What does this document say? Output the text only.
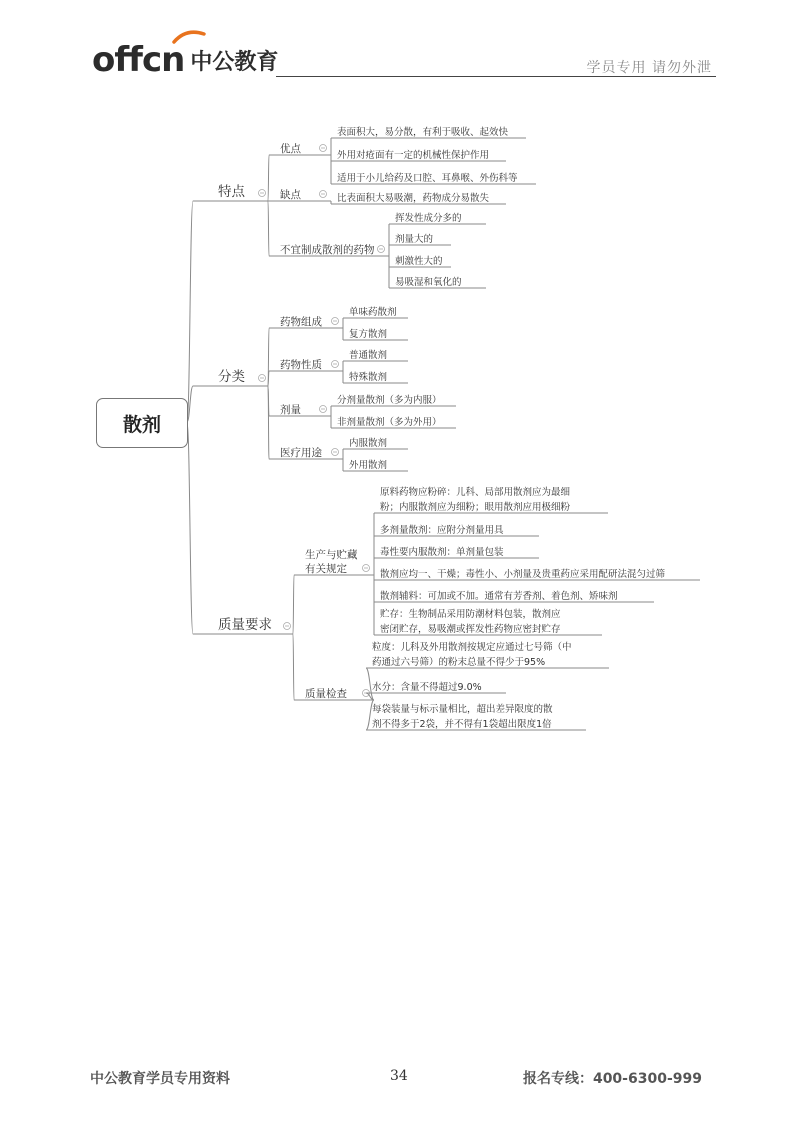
offcn 中公教育	学员专用 请勿外泄
散剂
特点
优点
表面积大，易分散，有利于吸收、起效快
外用对疮面有一定的机械性保护作用
适用于小儿给药及口腔、耳鼻喉、外伤科等
缺点	比表面积大易吸潮，药物成分易散失
不宜制成散剂的药物
挥发性成分多的
剂量大的
刺激性大的
易吸湿和氧化的
分类
药物组成
单味药散剂
复方散剂
药物性质
普通散剂
特殊散剂
剂量
分剂量散剂（多为内服）
非剂量散剂（多为外用）
医疗用途
内服散剂
外用散剂
质量要求
生产与贮藏
有关规定
原料药物应粉碎：儿科、局部用散剂应为最细
粉；内服散剂应为细粉；眼用散剂应用极细粉
多剂量散剂：应附分剂量用具
毒性要内服散剂：单剂量包装
散剂应均一、干燥；毒性小、小剂量及贵重药应采用配研法混匀过筛
散剂辅料：可加或不加。通常有芳香剂、着色剂、矫味剂
贮存：生物制品采用防潮材料包装，散剂应
密闭贮存，易吸潮或挥发性药物应密封贮存
质量检查
粒度：儿科及外用散剂按规定应通过七号筛（中
药通过六号筛）的粉末总量不得少于95%
水分：含量不得超过9.0%
每袋装量与标示量相比，超出差异限度的散
剂不得多于2袋，并不得有1袋超出限度1倍
中公教育学员专用资料	34	报名专线：400-6300-999
